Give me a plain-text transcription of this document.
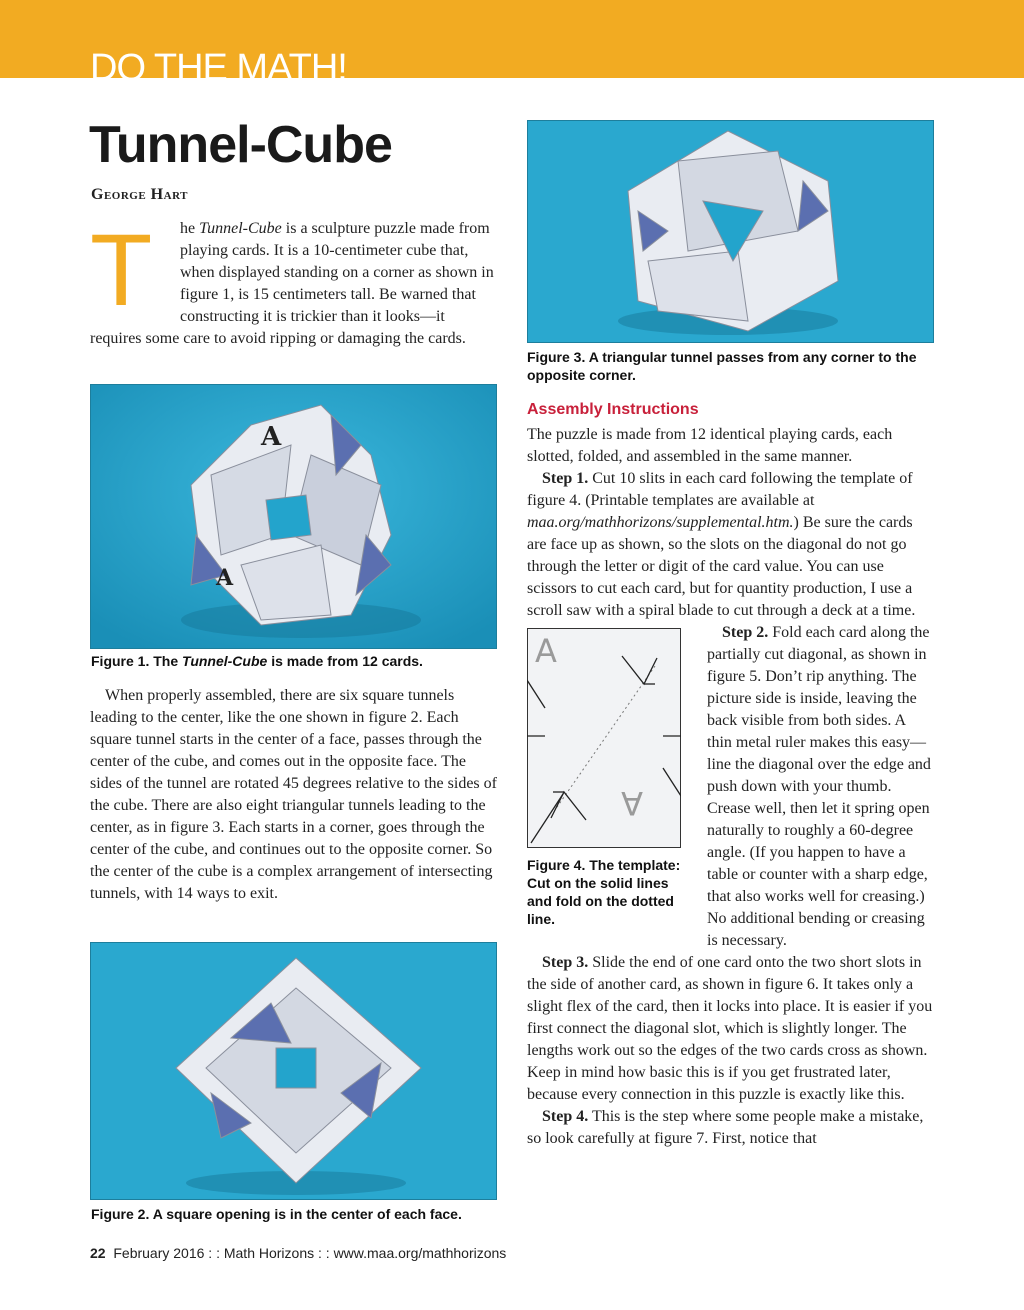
DO THE MATH!
Tunnel-Cube
George Hart
T	he Tunnel-Cube is a sculpture puzzle made from playing cards. It is a 10-centimeter cube that, when displayed standing on a corner as shown in figure 1, is 15 centimeters tall. Be warned that constructing it is trickier than it looks—it requires some care to avoid ripping or damaging the cards.
A
A
Figure 1. The Tunnel-Cube is made from 12 cards.

When properly assembled, there are six square tunnels leading to the center, like the one shown in figure 2. Each square tunnel starts in the center of a face, passes through the center of the cube, and comes out in the opposite face. The sides of the tunnel are rotated 45 degrees relative to the sides of the cube. There are also eight triangular tunnels leading to the center, as in figure 3. Each starts in a corner, goes through the center of the cube, and continues out to the opposite corner. So the center of the cube is a complex arrangement of intersecting tunnels, with 14 ways to exit.

Figure 2. A square opening is in the center of each face.
Figure 3. A triangular tunnel passes from any corner to the opposite corner.
Assembly Instructions

The puzzle is made from 12 identical playing cards, each slotted, folded, and assembled in the same manner.

Step 1. Cut 10 slits in each card following the template of figure 4. (Printable templates are available at maa.org/mathhorizons/supplemental.htm.) Be sure the cards are face up as shown, so the slots on the diagonal do not go through the letter or digit of the card value. You can use scissors to cut each card, but for quantity production, I use a scroll saw with a spiral blade to cut through a deck at a time.

A
A
Figure 4. The template: Cut on the solid lines and fold on the dotted line.

Step 2. Fold each card along the partially cut diagonal, as shown in figure 5. Don’t rip anything. The picture side is inside, leaving the back visible from both sides. A thin metal ruler makes this easy—line the diagonal over the edge and push down with your thumb. Crease well, then let it spring open naturally to roughly a 60-degree angle. (If you happen to have a table or counter with a sharp edge, that also works well for creasing.) No additional bending or creasing is necessary.

Step 3. Slide the end of one card onto the two short slots in the side of another card, as shown in figure 6. It takes only a slight flex of the card, then it locks into place. It is easier if you first connect the diagonal slot, which is slightly longer. The lengths work out so the edges of the two cards cross as shown. Keep in mind how basic this is if you get frustrated later, because every connection in this puzzle is exactly like this.

Step 4. This is the step where some people make a mistake, so look carefully at figure 7. First, notice that

22 February 2016 : : Math Horizons : : www.maa.org/mathhorizons
